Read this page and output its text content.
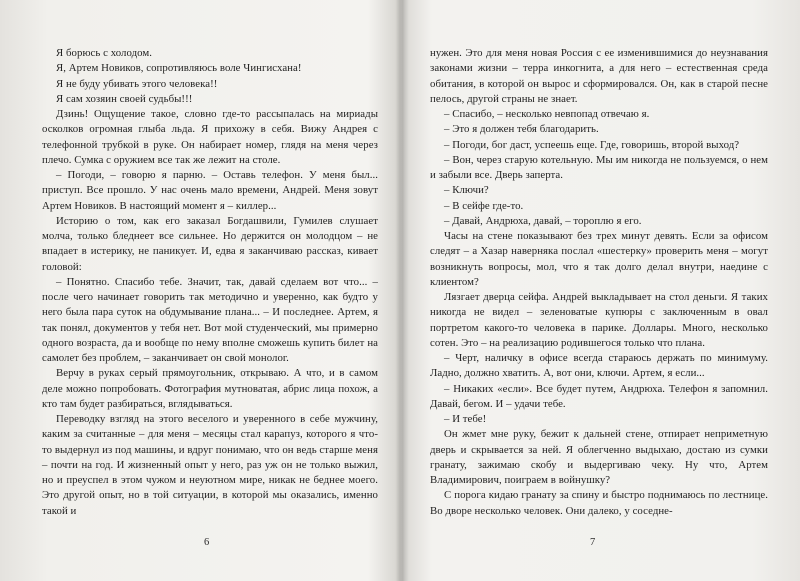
Я борюсь с холодом.

Я, Артем Новиков, сопротивляюсь воле Чингисхана!

Я не буду убивать этого человека!!

Я сам хозяин своей судьбы!!!

Дзинь! Ощущение такое, словно где-то рассыпалась на мириады осколков огромная глыба льда. Я прихожу в себя. Вижу Андрея с телефонной трубкой в руке. Он набирает номер, глядя на меня через плечо. Сумка с оружием все так же лежит на столе.

– Погоди, – говорю я парню. – Оставь телефон. У меня был... приступ. Все прошло. У нас очень мало времени, Андрей. Меня зовут Артем Новиков. В настоящий момент я – киллер...

Историю о том, как его заказал Богдашвили, Гумилев слушает молча, только бледнеет все сильнее. Но держится он молодцом – не впадает в истерику, не паникует. И, едва я заканчиваю рассказ, кивает головой:

– Понятно. Спасибо тебе. Значит, так, давай сделаем вот что... – после чего начинает говорить так методично и уверенно, как будто у него была пара суток на обдумывание плана... – И последнее. Артем, я так понял, документов у тебя нет. Вот мой студенческий, мы примерно одного возраста, да и вообще по нему вполне сможешь купить билет на самолет без проблем, – заканчивает он свой монолог.

Верчу в руках серый прямоугольник, открываю. А что, и в самом деле можно попробовать. Фотография мутноватая, абрис лица похож, а кто там будет разбираться, вглядываться.

Переводку взгляд на этого веселого и уверенного в себе мужчину, каким за считанные – для меня – месяцы стал карапуз, которого я что-то выдернул из под машины, и вдруг понимаю, что он ведь старше меня – почти на год. И жизненный опыт у него, раз уж он не только выжил, но и преуспел в этом чужом и неуютном мире, никак не беднее моего. Это другой опыт, но в той ситуации, в которой мы оказались, именно такой и

6

нужен. Это для меня новая Россия с ее изменившимися до неузнавания законами жизни – терра инкогнита, а для него – естественная среда обитания, в которой он вырос и сформировался. Он, как в старой песне пелось, другой страны не знает.

– Спасибо, – несколько невпопад отвечаю я.

– Это я должен тебя благодарить.

– Погоди, бог даст, успеешь еще. Где, говоришь, второй выход?

– Вон, через старую котельную. Мы им никогда не пользуемся, о нем и забыли все. Дверь заперта.

– Ключи?

– В сейфе где-то.

– Давай, Андрюха, давай, – тороплю я его.

Часы на стене показывают без трех минут девять. Если за офисом следят – а Хазар наверняка послал «шестерку» проверить меня – могут возникнуть вопросы, мол, что я так долго делал внутри, наедине с клиентом?

Лязгает дверца сейфа. Андрей выкладывает на стол деньги. Я таких никогда не видел – зеленоватые купюры с заключенным в овал портретом какого-то человека в парике. Доллары. Много, несколько сотен. Это – на реализацию родившегося только что плана.

– Черт, наличку в офисе всегда стараюсь держать по минимуму. Ладно, должно хватить. А, вот они, ключи. Артем, я если...

– Никаких «если». Все будет путем, Андрюха. Телефон я запомнил. Давай, бегом. И – удачи тебе.

– И тебе!

Он жмет мне руку, бежит к дальней стене, отпирает неприметную дверь и скрывается за ней. Я облегченно выдыхаю, достаю из сумки гранату, зажимаю скобу и выдергиваю чеку. Ну что, Артем Владимирович, поиграем в войнушку?

С порога кидаю гранату за спину и быстро поднимаюсь по лестнице. Во дворе несколько человек. Они далеко, у соседне-

7
